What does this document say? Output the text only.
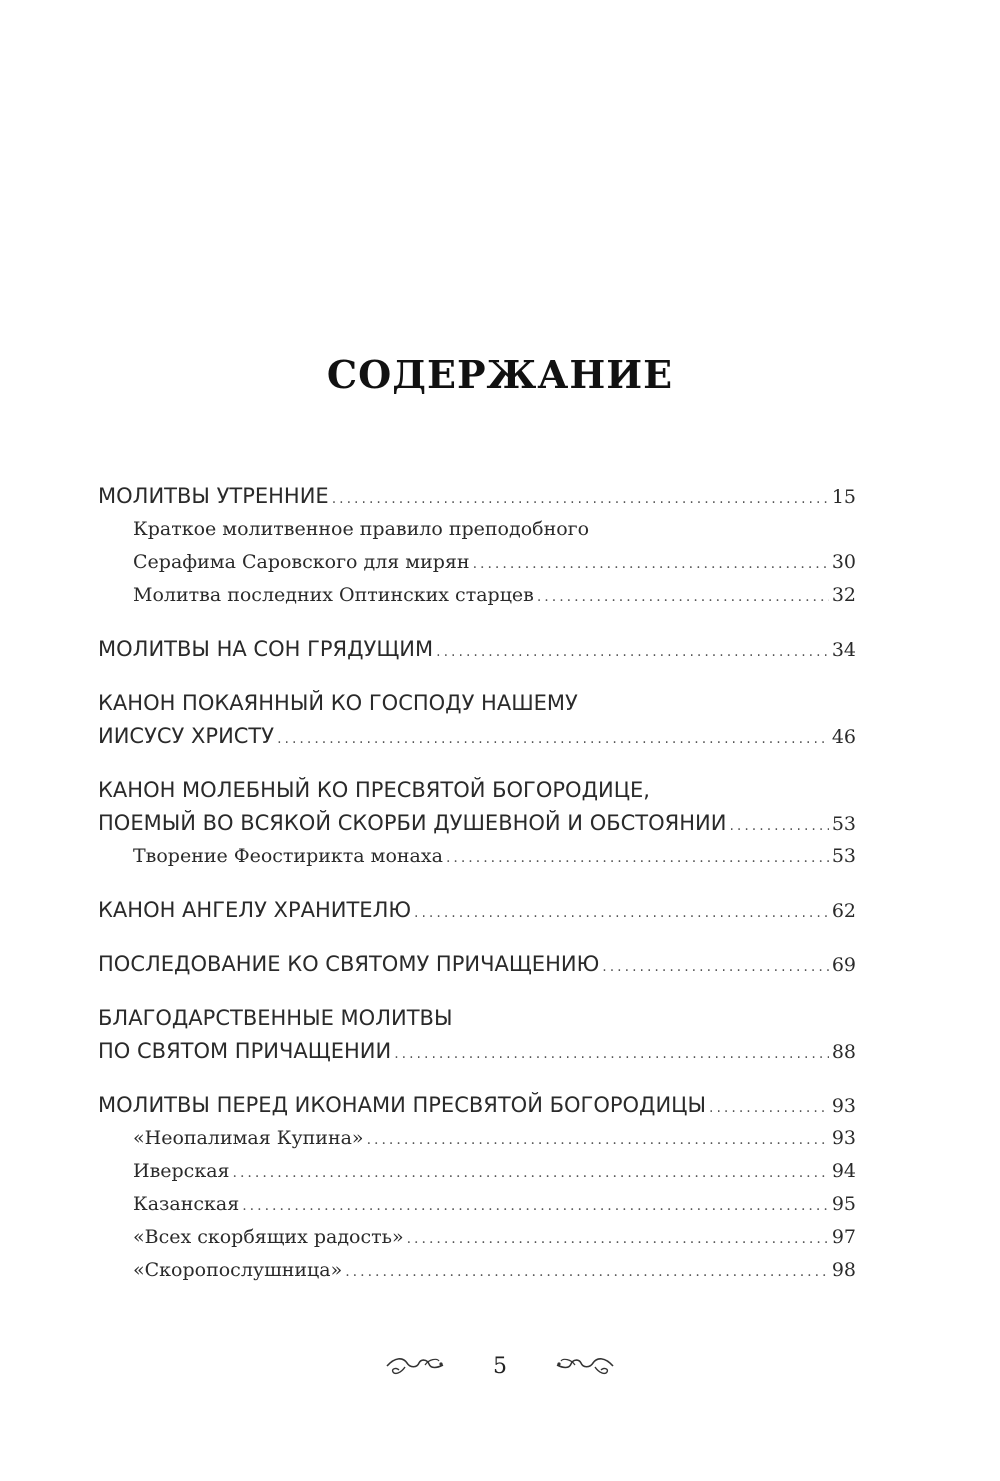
СОДЕРЖАНИЕ
МОЛИТВЫ УТРЕННИЕ .....	15
Краткое молитвенное правило преподобного
Серафима Саровского для мирян .....	30
Молитва последних Оптинских старцев .....	32
МОЛИТВЫ НА СОН ГРЯДУЩИМ .....	34
КАНОН ПОКАЯННЫЙ КО ГОСПОДУ НАШЕМУ
ИИСУСУ ХРИСТУ .....	46
КАНОН МОЛЕБНЫЙ КО ПРЕСВЯТОЙ БОГОРОДИЦЕ,
ПОЕМЫЙ ВО ВСЯКОЙ СКОРБИ ДУШЕВНОЙ И ОБСТОЯНИИ .....	53
Творение Феостирикта монаха .....	53
КАНОН АНГЕЛУ ХРАНИТЕЛЮ .....	62
ПОСЛЕДОВАНИЕ КО СВЯТОМУ ПРИЧАЩЕНИЮ .....	69
БЛАГОДАРСТВЕННЫЕ МОЛИТВЫ
ПО СВЯТОМ ПРИЧАЩЕНИИ .....	88
МОЛИТВЫ ПЕРЕД ИКОНАМИ ПРЕСВЯТОЙ БОГОРОДИЦЫ .....	93
«Неопалимая Купина» .....	93
Иверская .....	94
Казанская .....	95
«Всех скорбящих радость» .....	97
«Скоропослушница» .....	98
5
